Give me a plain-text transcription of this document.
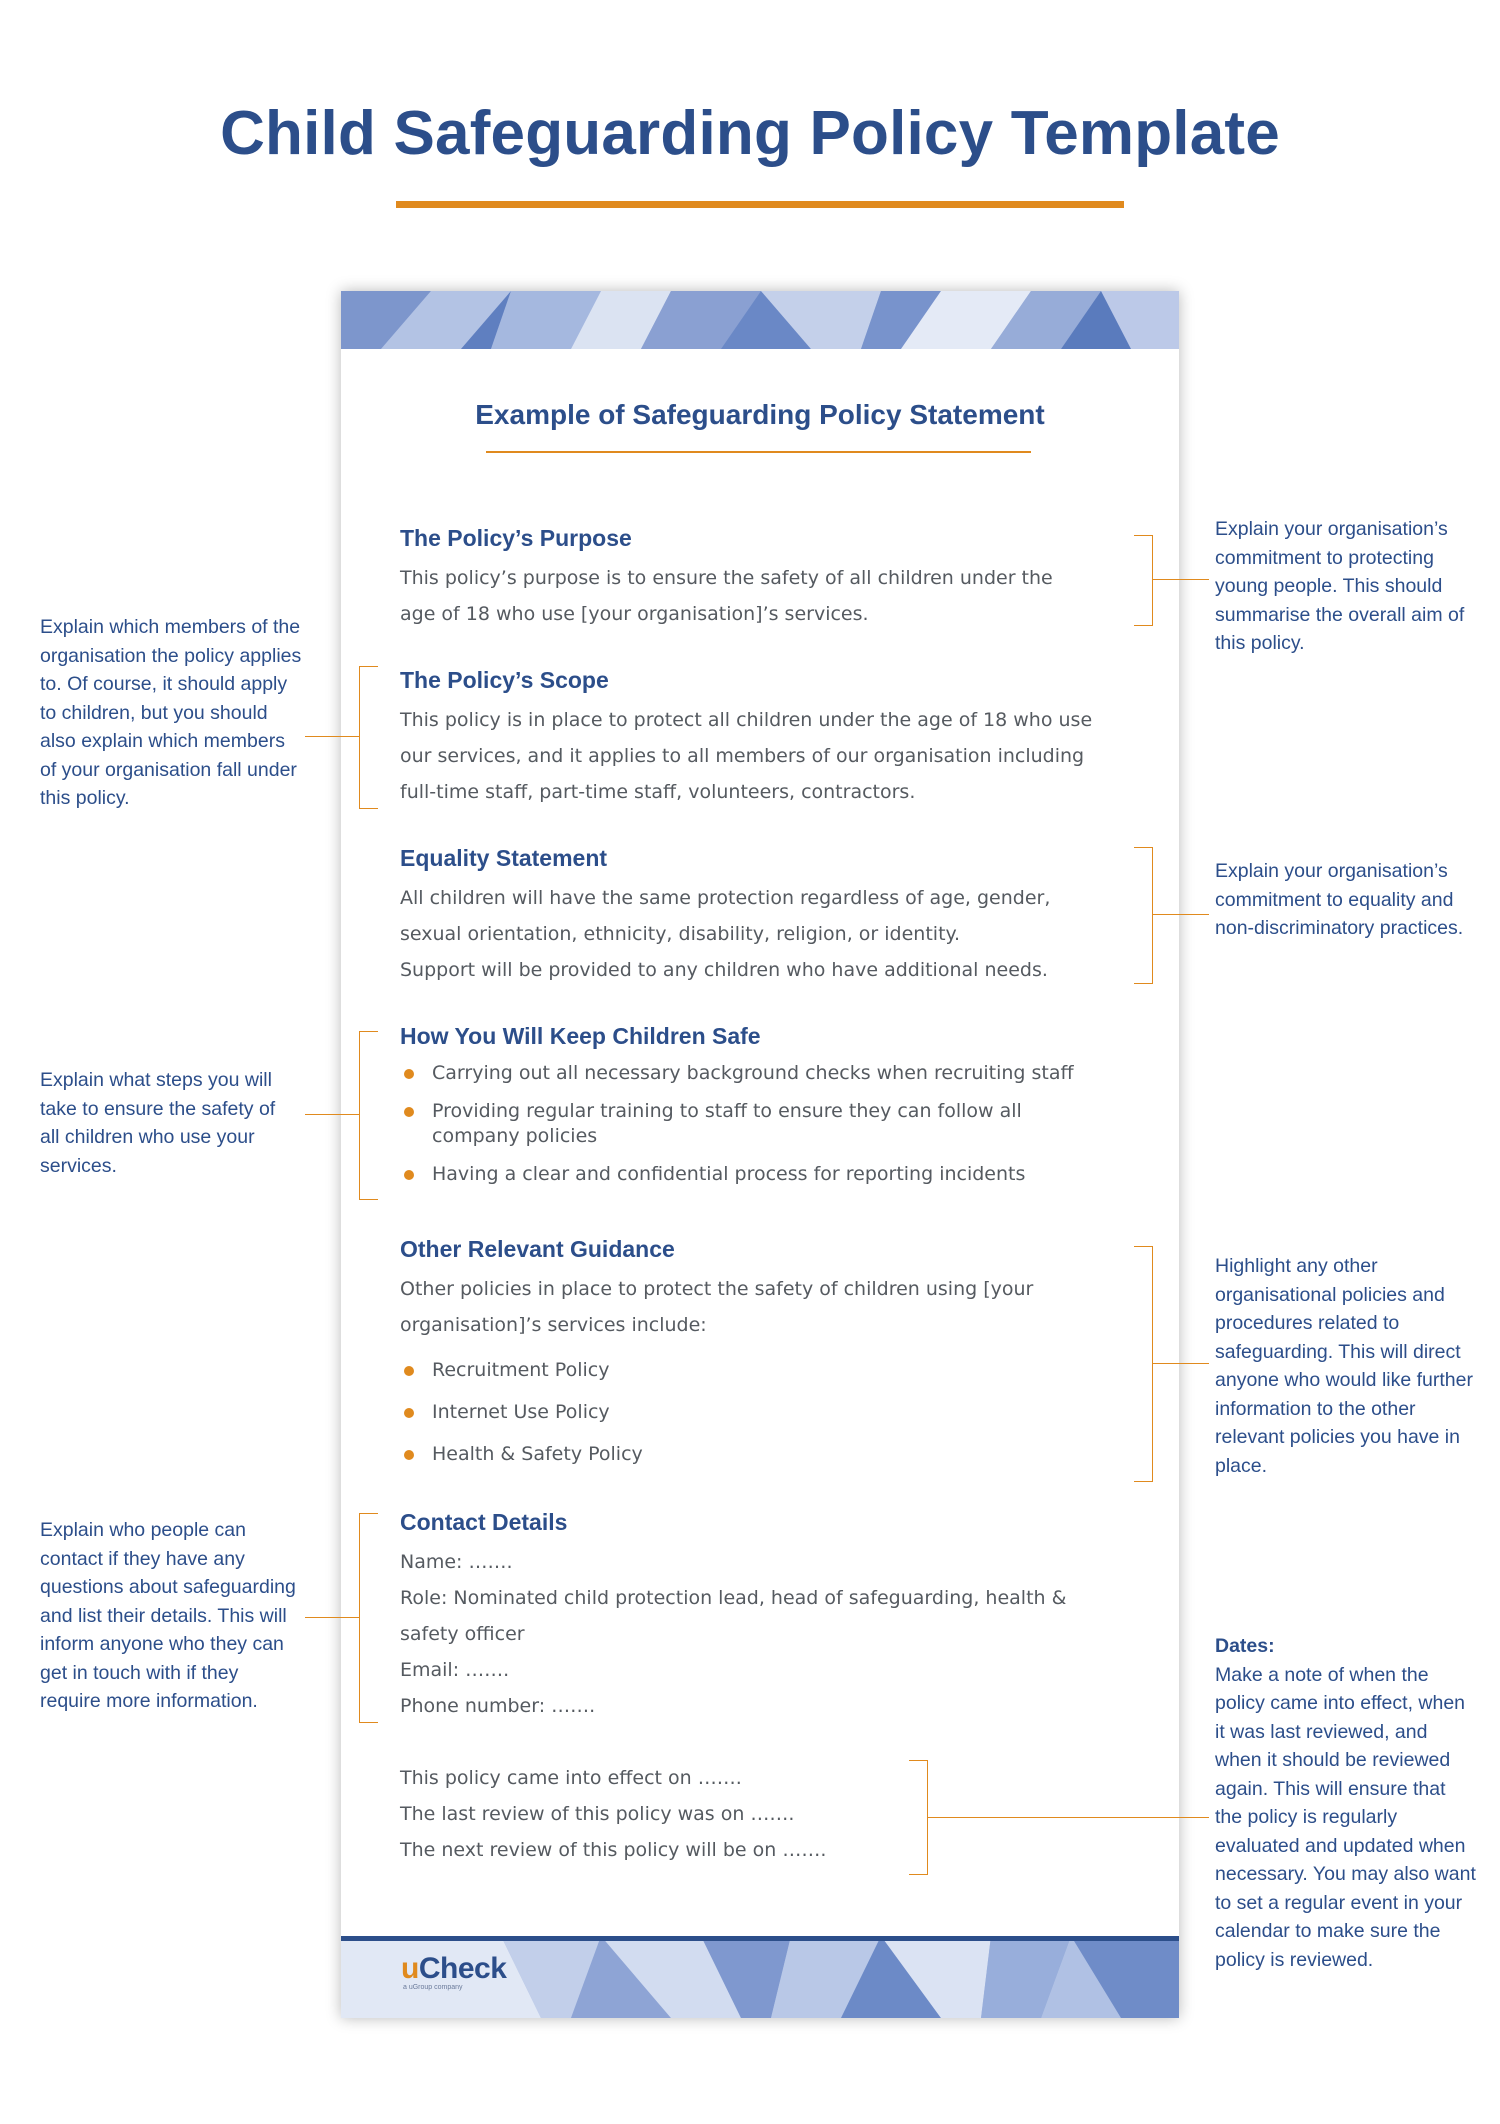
Child Safeguarding Policy Template
Example of Safeguarding Policy Statement
The Policy’s Purpose

This policy’s purpose is to ensure the safety of all children under the
age of 18 who use [your organisation]’s services.

The Policy’s Scope

This policy is in place to protect all children under the age of 18 who use
our services, and it applies to all members of our organisation including
full-time staff, part-time staff, volunteers, contractors.

Equality Statement

All children will have the same protection regardless of age, gender,
sexual orientation, ethnicity, disability, religion, or identity.
Support will be provided to any children who have additional needs.

How You Will Keep Children Safe
Carrying out all necessary background checks when recruiting staff
Providing regular training to staff to ensure they can follow all company policies
Having a clear and confidential process for reporting incidents
Other Relevant Guidance

Other policies in place to protect the safety of children using [your
organisation]’s services include:

Recruitment Policy
Internet Use Policy
Health & Safety Policy
Contact Details

Name: …….
Role: Nominated child protection lead, head of safeguarding, health &
safety officer
Email: …….
Phone number: …….

This policy came into effect on …….
The last review of this policy was on …….
The next review of this policy will be on …….

uCheck
a uGroup company

Explain your organisation’s commitment to protecting young people. This should summarise the overall aim of this policy.

Explain which members of the organisation the policy applies to. Of course, it should apply to children, but you should also explain which members of your organisation fall under this policy.

Explain your organisation’s commitment to equality and non-discriminatory practices.

Explain what steps you will take to ensure the safety of all children who use your services.

Highlight any other organisational policies and procedures related to safeguarding. This will direct anyone who would like further information to the other relevant policies you have in place.

Explain who people can contact if they have any questions about safeguarding and list their details. This will inform anyone who they can get in touch with if they require more information.

Dates:
Make a note of when the policy came into effect, when it was last reviewed, and when it should be reviewed again. This will ensure that the policy is regularly evaluated and updated when necessary. You may also want to set a regular event in your calendar to make sure the policy is reviewed.
